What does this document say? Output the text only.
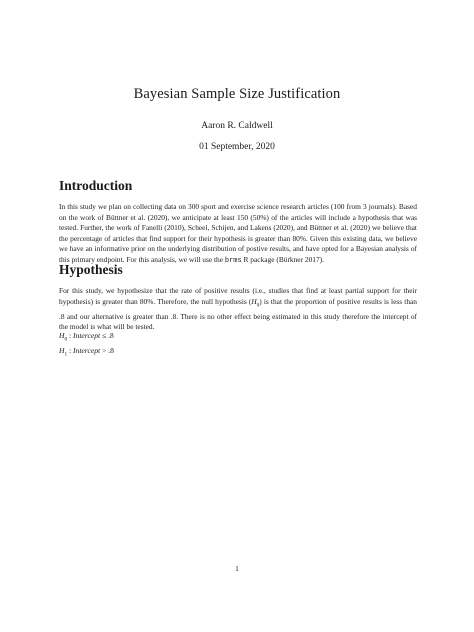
Bayesian Sample Size Justification
Aaron R. Caldwell
01 September, 2020
Introduction

In this study we plan on collecting data on 300 sport and exercise science research articles (100 from 3 journals). Based on the work of Büttner et al. (2020), we anticipate at least 150 (50%) of the articles will include a hypothesis that was tested. Further, the work of Fanelli (2010), Scheel, Schijen, and Lakens (2020), and Büttner et al. (2020) we believe that the percentage of articles that find support for their hypothesis is greater than 80%. Given this existing data, we believe we have an informative prior on the underlying distribution of postive results, and have opted for a Bayesian analysis of this primary endpoint. For this analysis, we will use the brms R package (Bürkner 2017).

Hypothesis

For this study, we hypothesize that the rate of positive results (i.e., studies that find at least partial support for their hypothesis) is greater than 80%. Therefore, the null hypothesis $(H_0)$ is that the proportion of positive results is less than .8 and our alternative is greater than .8. There is no other effect being estimated in this study therefore the intercept of the model is what will be tested.

$H_0$ : Intercept ≤ .8
$H_1$ : Intercept > .8
1
